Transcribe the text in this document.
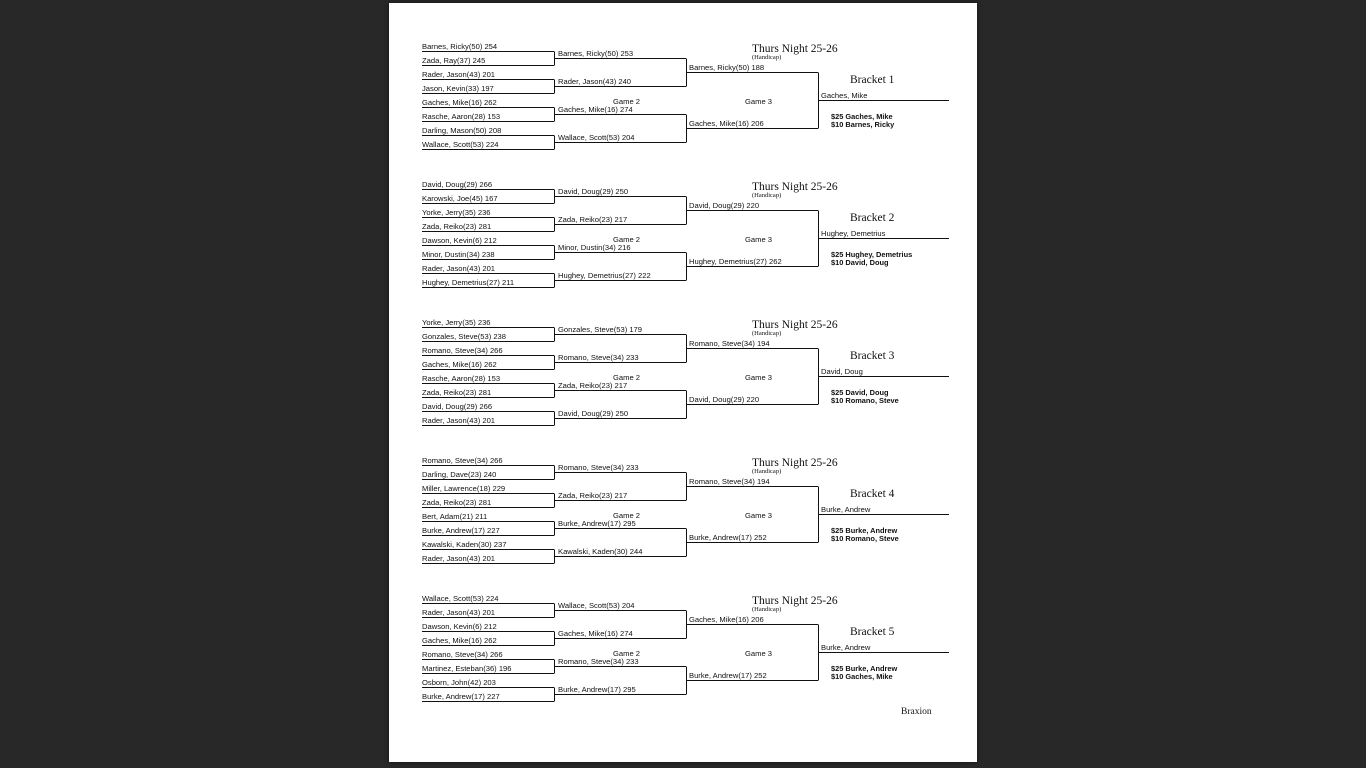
Braxion
Barnes, Ricky(50) 254
Zada, Ray(37) 245
Rader, Jason(43) 201
Jason, Kevin(33) 197
Gaches, Mike(16) 262
Rasche, Aaron(28) 153
Darling, Mason(50) 208
Wallace, Scott(53) 224
Barnes, Ricky(50) 253
Rader, Jason(43) 240
Gaches, Mike(16) 274
Wallace, Scott(53) 204
Barnes, Ricky(50) 188
Gaches, Mike(16) 206
Gaches, Mike
Thurs Night 25-26
(Handicap)
Bracket 1
Game 2	Game 3
$25 Gaches, Mike
$10 Barnes, Ricky
David, Doug(29) 266
Karowski, Joe(45) 167
Yorke, Jerry(35) 236
Zada, Reiko(23) 281
Dawson, Kevin(6) 212
Minor, Dustin(34) 238
Rader, Jason(43) 201
Hughey, Demetrius(27) 211
David, Doug(29) 250
Zada, Reiko(23) 217
Minor, Dustin(34) 216
Hughey, Demetrius(27) 222
David, Doug(29) 220
Hughey, Demetrius(27) 262
Hughey, Demetrius
Thurs Night 25-26
(Handicap)
Bracket 2
Game 2	Game 3
$25 Hughey, Demetrius
$10 David, Doug
Yorke, Jerry(35) 236
Gonzales, Steve(53) 238
Romano, Steve(34) 266
Gaches, Mike(16) 262
Rasche, Aaron(28) 153
Zada, Reiko(23) 281
David, Doug(29) 266
Rader, Jason(43) 201
Gonzales, Steve(53) 179
Romano, Steve(34) 233
Zada, Reiko(23) 217
David, Doug(29) 250
Romano, Steve(34) 194
David, Doug(29) 220
David, Doug
Thurs Night 25-26
(Handicap)
Bracket 3
Game 2	Game 3
$25 David, Doug
$10 Romano, Steve
Romano, Steve(34) 266
Darling, Dave(23) 240
Miller, Lawrence(18) 229
Zada, Reiko(23) 281
Bert, Adam(21) 211
Burke, Andrew(17) 227
Kawalski, Kaden(30) 237
Rader, Jason(43) 201
Romano, Steve(34) 233
Zada, Reiko(23) 217
Burke, Andrew(17) 295
Kawalski, Kaden(30) 244
Romano, Steve(34) 194
Burke, Andrew(17) 252
Burke, Andrew
Thurs Night 25-26
(Handicap)
Bracket 4
Game 2	Game 3
$25 Burke, Andrew
$10 Romano, Steve
Wallace, Scott(53) 224
Rader, Jason(43) 201
Dawson, Kevin(6) 212
Gaches, Mike(16) 262
Romano, Steve(34) 266
Martinez, Esteban(36) 196
Osborn, John(42) 203
Burke, Andrew(17) 227
Wallace, Scott(53) 204
Gaches, Mike(16) 274
Romano, Steve(34) 233
Burke, Andrew(17) 295
Gaches, Mike(16) 206
Burke, Andrew(17) 252
Burke, Andrew
Thurs Night 25-26
(Handicap)
Bracket 5
Game 2	Game 3
$25 Burke, Andrew
$10 Gaches, Mike
